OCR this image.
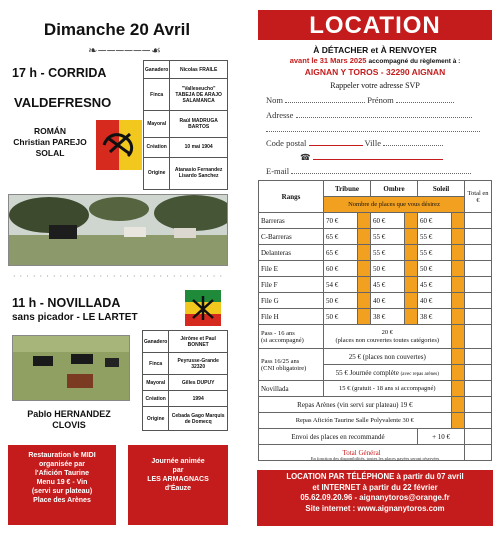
Dimanche 20 Avril
❧──────☙
17 h - CORRIDA
VALDEFRESNO
ROMÁN
Christian PAREJO
SOLAL
Ganadero	Nicolas FRAILE
Finca	"Valleseucho" TABEJA DE ARAJO SALAMANCA
Mayoral	Raúl MADRUGA BARTOS
Création	10 mai 1904
Origine	Atanasio Fernandez Lisardo Sanchez
· · · · · · · · · · · · · · · · · · · · · · · · · · · · · · · ·
11 h - NOVILLADA
sans picador - LE LARTET
Pablo HERNANDEZ
CLOVIS
Ganadero	Jérôme et Paul BONNET
Finca	Peyrusse-Grande 32320
Mayoral	Gilles DUPUY
Création	1994
Origine	Cebada Gago Marquis de Domecq
Restauration le MIDI
organisée par
l'Afición Taurine
Menu 19 € - Vin
(servi sur plateau)
Place des Arènes
Journée animée
par
LES ARMAGNACS
d'Éauze
LOCATION
À DÉTACHER et À RENVOYER
avant le 31 Mars 2025 accompagné du règlement à :
AIGNAN Y TOROS - 32290 AIGNAN
Rappeler votre adresse SVP
Nom	Prénom
Adresse
Code postal	Ville
☎
E-mail
Rangs	Tribune		Ombre		Soleil		Total en €
	Nombre de places que vous désirez						
Barreras	70 €		60 €		60 €		
C-Barreras	65 €		55 €		55 €		
Delanteras	65 €		55 €		55 €		
File E	60 €		50 €		50 €		
File F	54 €		45 €		45 €		
File G	50 €		40 €		40 €		
File H	50 €		38 €		38 €		
Pass - 16 ans
(si accompagné)	20 €
(places non couvertes toutes catégories)						
Pass 16/25 ans
(CNI obligatoire)	25 € (places non couvertes)						
	55 € Journée complète (avec repas arènes)						
Novillada	15 € (gratuit - 18 ans si accompagné)						
Repas Arènes (vin servi sur plateau) 19 €							
Repas Afición Taurine Salle Polyvalente 30 €							
Envoi des places en recommandé					+ 10 €		
Total Général							
En fonction des disponibilités, toutes les places payées seront réservées
LOCATION PAR TÉLÉPHONE à partir du 07 avril
et INTERNET à partir du 22 février
05.62.09.20.96 - aignanytoros@orange.fr
Site internet : www.aignanytoros.com
